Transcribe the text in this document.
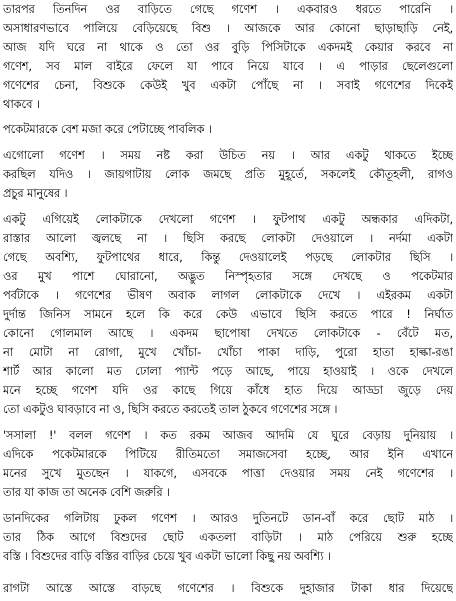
তারপর তিনদিন ওর বাড়িতে গেছে গণেশ । একবারও ধরতে পারেনি ।
অসাধারণভাবে পালিয়ে বেড়িয়েছে বিশু । আজকে আর কোনো ছাড়াছাড়ি নেই,
আজ যদি ঘরে না থাকে ও তো ওর বুড়ি পিসিটাকে একদমই কেয়ার করবে না
গণেশ, সব মাল বাইরে ফেলে যা পাবে নিয়ে যাবে । এ পাড়ার ছেলেগুলো
গণেশের চেনা, বিশুকে কেউই খুব একটা পোঁছে না । সবাই গণেশের দিকেই
থাকবে ।
পকেটমারকে বেশ মজা করে পেটাচ্ছে পাবলিক ।
এগোলো গণেশ । সময় নষ্ট করা উচিত নয় । আর একটু থাকতে ইচ্ছে
করছিল যদিও । জায়গাটায় লোক জমছে প্রতি মুহূর্তে, সকলেই কৌতূহলী, রাগও
প্রচুর মানুষের ।
একটু এগিয়েই লোকটাকে দেখলো গণেশ । ফুটপাথ একটু অন্ধকার এদিকটা,
রাস্তার আলো জ্বলছে না । ছিসি করছে লোকটা দেওয়ালে । নর্দমা একটা
গেছে অবশ্যি, ফুটপাথের ধারে, কিন্তু দেওয়ালেই পড়ছে লোকটার ছিসি ।
ওর মুখ পাশে ঘোরানো, অদ্ভুত নিস্পৃহতার সঙ্গে দেখছে ও পকেটমার
পর্বটাকে । গণেশের ভীষণ অবাক লাগল লোকটাকে দেখে । এইরকম একটা
দুর্দান্ত জিনিস সামনে হলে কি করে কেউ এভাবে ছিসি করতে পারে ! নির্ঘাত
কোনো গোলমাল আছে । একদম ছাপোষা দেখতে লোকটাকে - বেঁটে মত,
না মোটা না রোগা, মুখে খোঁচা- খোঁচা পাকা দাড়ি, পুরো হাতা হাল্কা-রঙা
শার্ট আর কালো মত ঢোলা প্যান্ট পড়ে আছে, পায়ে হাওয়াই । ওকে দেখলে
মনে হচ্ছে গণেশ যদি ওর কাছে গিয়ে কাঁধে হাত দিয়ে আড্ডা জুড়ে দেয়
তো একটুও ঘাবড়াবে না ও, ছিসি করতে করতেই তাল ঠুকবে গণেশের সঙ্গে ।
'সসালা !' বলল গণেশ । কত রকম আজব আদমি যে ঘুরে বেড়ায় দুনিয়ায় ।
এদিকে পকেটমারকে পিটিয়ে রীতিমতো সমাজসেবা হচ্ছে, আর ইনি এখানে
মনের সুখে মুতছেন । যাকগে, এসবকে পাত্তা দেওয়ার সময় নেই গণেশের ।
তার যা কাজ তা অনেক বেশি জরুরি ।
ডানদিকের গলিটায় ঢুকল গণেশ । আরও দুতিনটে ডান-বাঁ করে ছোট মাঠ ।
তার ঠিক আগে বিশুদের ছোট একতলা বাড়িটা । মাঠ পেরিয়ে শুরু হচ্ছে
বস্তি । বিশুদের বাড়ি বস্তির বাড়ির চেয়ে খুব একটা ভালো কিছু নয় অবশ্যি ।
রাগটা আস্তে আস্তে বাড়ছে গণেশের । বিশুকে দুহাজার টাকা ধার দিয়েছে
